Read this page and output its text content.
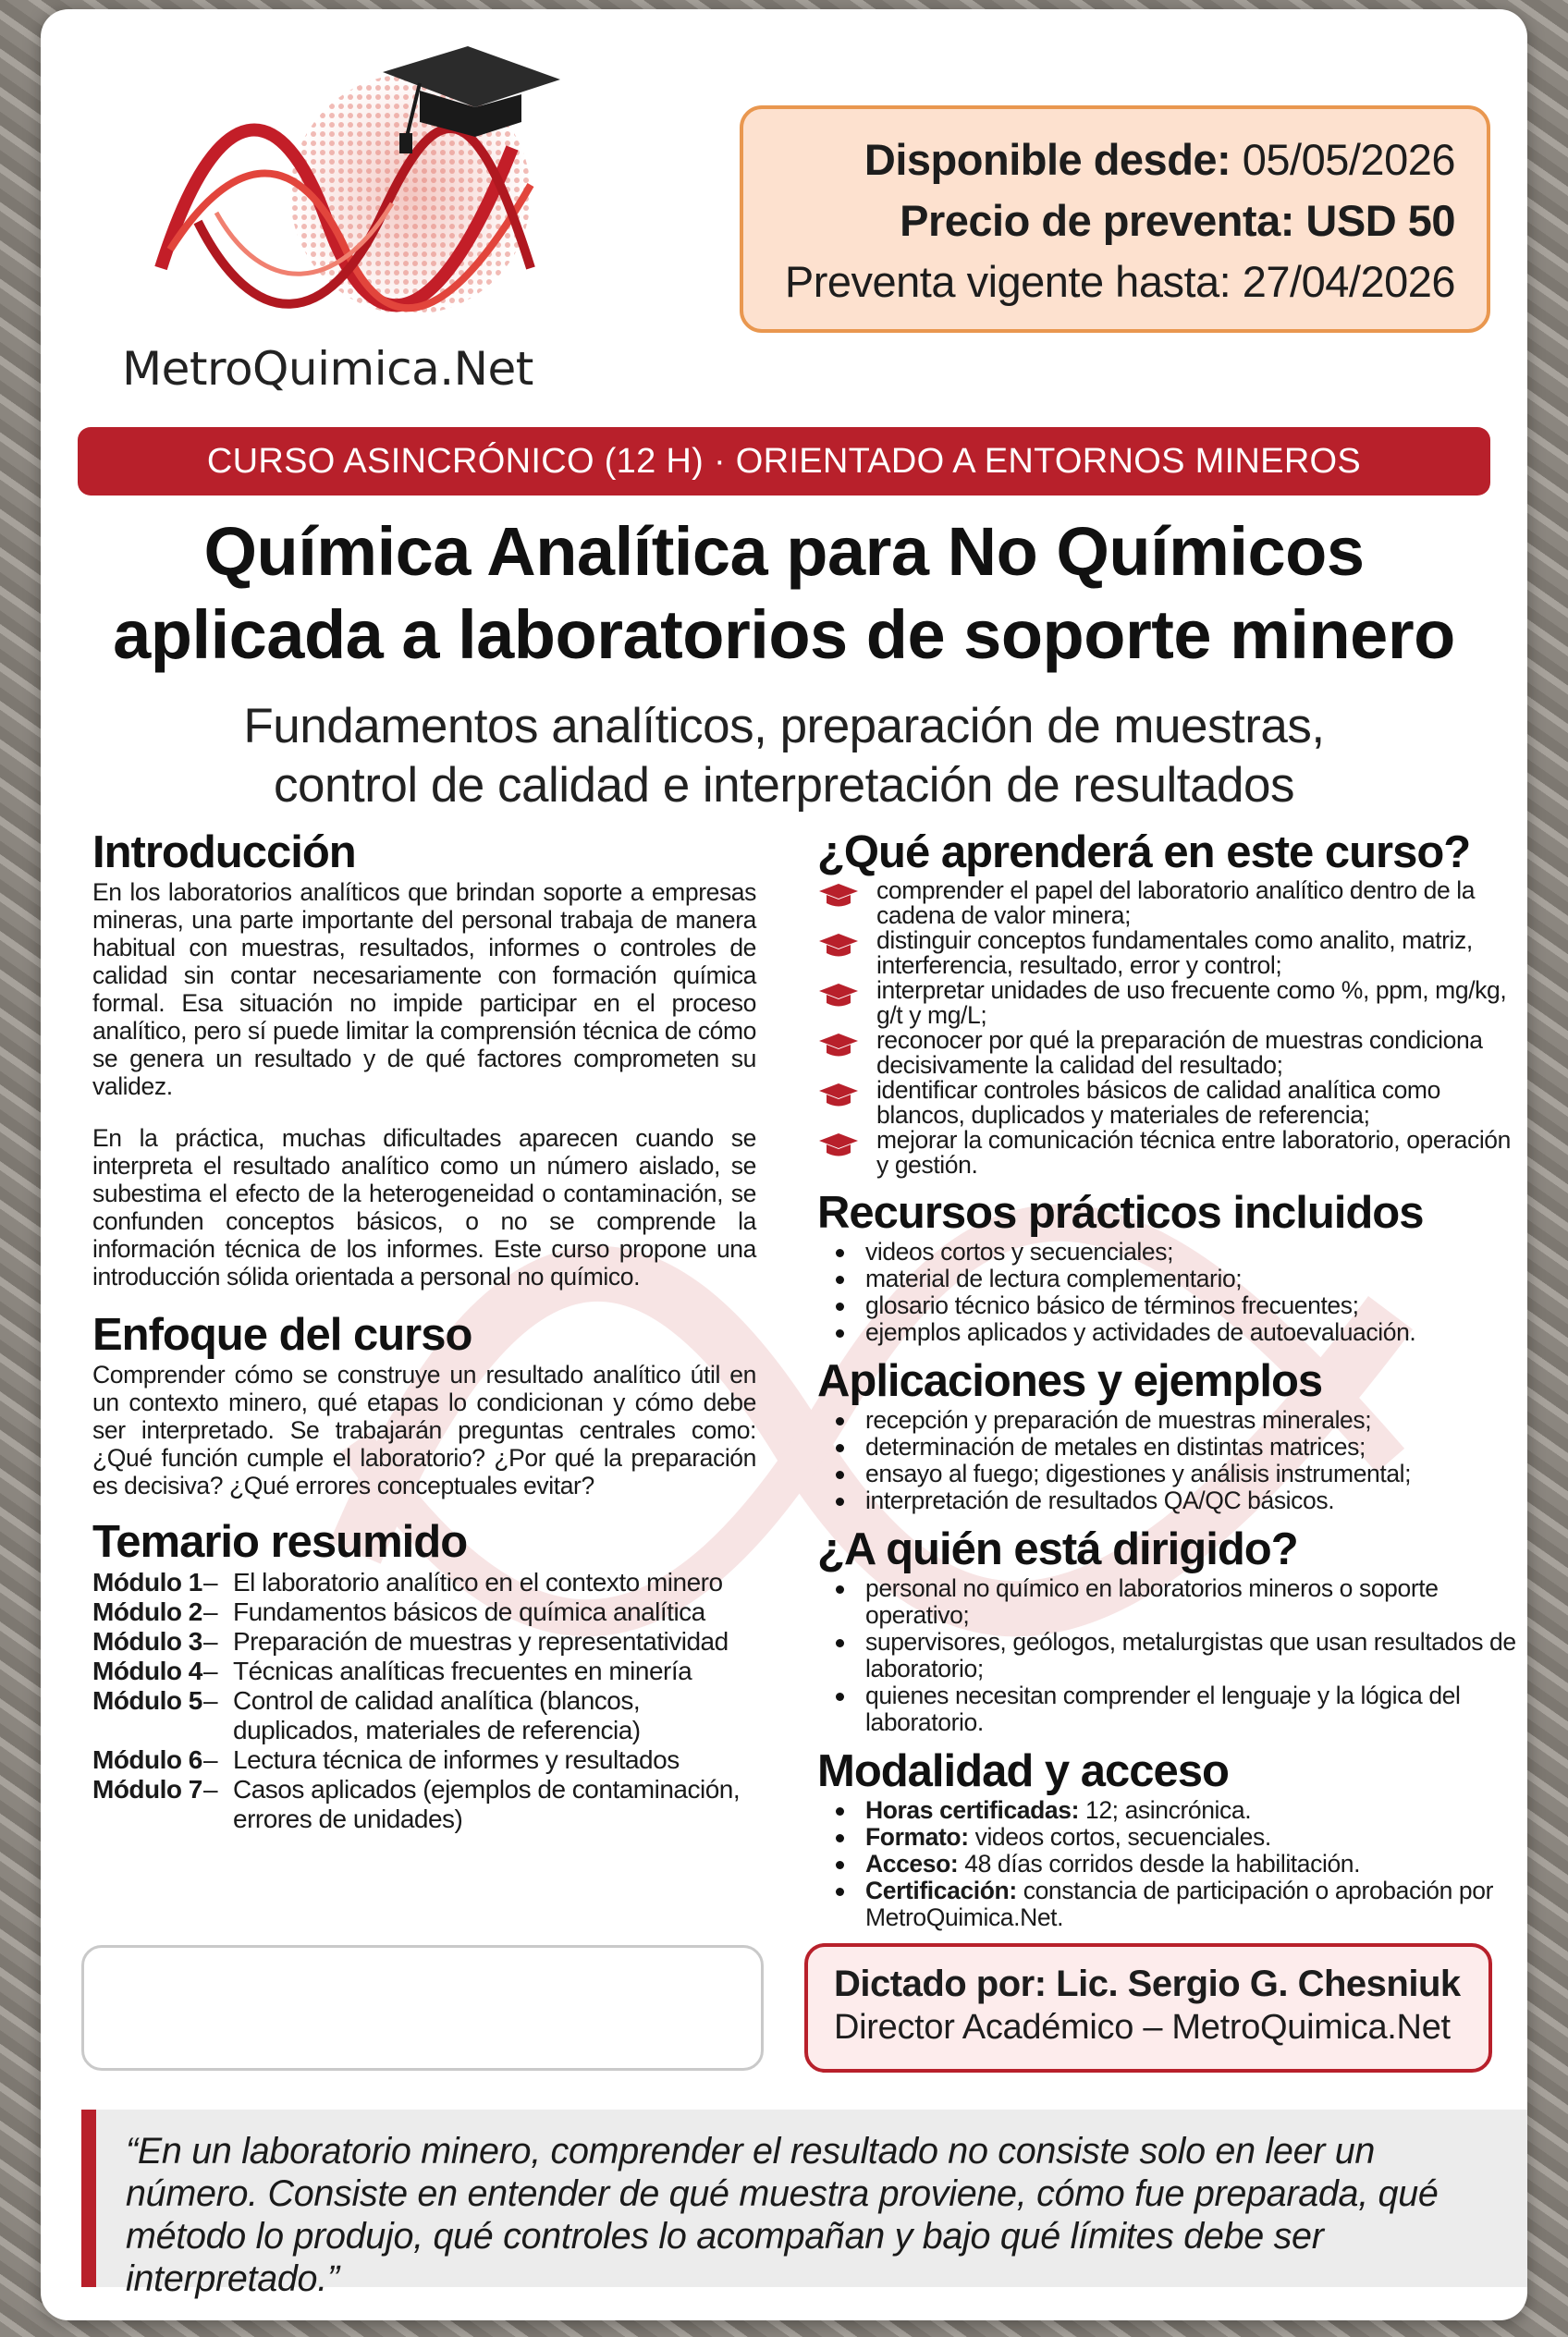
MetroQuimica.Net
Disponible desde: 05/05/2026
Precio de preventa: USD 50
Preventa vigente hasta: 27/04/2026
CURSO ASINCRÓNICO (12 H) · ORIENTADO A ENTORNOS MINEROS
Química Analítica para No Químicos
aplicada a laboratorios de soporte minero
Fundamentos analíticos, preparación de muestras,
control de calidad e interpretación de resultados
Introducción

En los laboratorios analíticos que brindan soporte a empresas mineras, una parte importante del personal trabaja de manera habitual con muestras, resultados, informes o controles de calidad sin contar necesariamente con formación química formal. Esa situación no impide participar en el proceso analítico, pero sí puede limitar la comprensión técnica de cómo se genera un resultado y de qué factores comprometen su validez.

En la práctica, muchas dificultades aparecen cuando se interpreta el resultado analítico como un número aislado, se subestima el efecto de la heterogeneidad o contaminación, se confunden conceptos básicos, o no se comprende la información técnica de los informes. Este curso propone una introducción sólida orientada a personal no químico.

Enfoque del curso

Comprender cómo se construye un resultado analítico útil en un contexto minero, qué etapas lo condicionan y cómo debe ser interpretado. Se trabajarán preguntas centrales como: ¿Qué función cumple el laboratorio? ¿Por qué la preparación es decisiva? ¿Qué errores conceptuales evitar?

Temario resumido
Módulo 1 – El laboratorio analítico en el contexto minero
Módulo 2 – Fundamentos básicos de química analítica
Módulo 3 – Preparación de muestras y representatividad
Módulo 4 – Técnicas analíticas frecuentes en minería
Módulo 5 – Control de calidad analítica (blancos, duplicados, materiales de referencia)
Módulo 6 – Lectura técnica de informes y resultados
Módulo 7 – Casos aplicados (ejemplos de contaminación, errores de unidades)
¿Qué aprenderá en este curso?
comprender el papel del laboratorio analítico dentro de la cadena de valor minera;
distinguir conceptos fundamentales como analito, matriz, interferencia, resultado, error y control;
interpretar unidades de uso frecuente como %, ppm, mg/kg, g/t y mg/L;
reconocer por qué la preparación de muestras condiciona decisivamente la calidad del resultado;
identificar controles básicos de calidad analítica como blancos, duplicados y materiales de referencia;
mejorar la comunicación técnica entre laboratorio, operación y gestión.
Recursos prácticos incluidos
videos cortos y secuenciales;
material de lectura complementario;
glosario técnico básico de términos frecuentes;
ejemplos aplicados y actividades de autoevaluación.
Aplicaciones y ejemplos
recepción y preparación de muestras minerales;
determinación de metales en distintas matrices;
ensayo al fuego; digestiones y análisis instrumental;
interpretación de resultados QA/QC básicos.
¿A quién está dirigido?
personal no químico en laboratorios mineros o soporte operativo;
supervisores, geólogos, metalurgistas que usan resultados de laboratorio;
quienes necesitan comprender el lenguaje y la lógica del laboratorio.
Modalidad y acceso
Horas certificadas: 12; asincrónica.
Formato: videos cortos, secuenciales.
Acceso: 48 días corridos desde la habilitación.
Certificación: constancia de participación o aprobación por MetroQuimica.Net.
Dictado por: Lic. Sergio G. Chesniuk
Director Académico – MetroQuimica.Net
“En un laboratorio minero, comprender el resultado no consiste solo en leer un número. Consiste en entender de qué muestra proviene, cómo fue preparada, qué método lo produjo, qué controles lo acompañan y bajo qué límites debe ser interpretado.”
